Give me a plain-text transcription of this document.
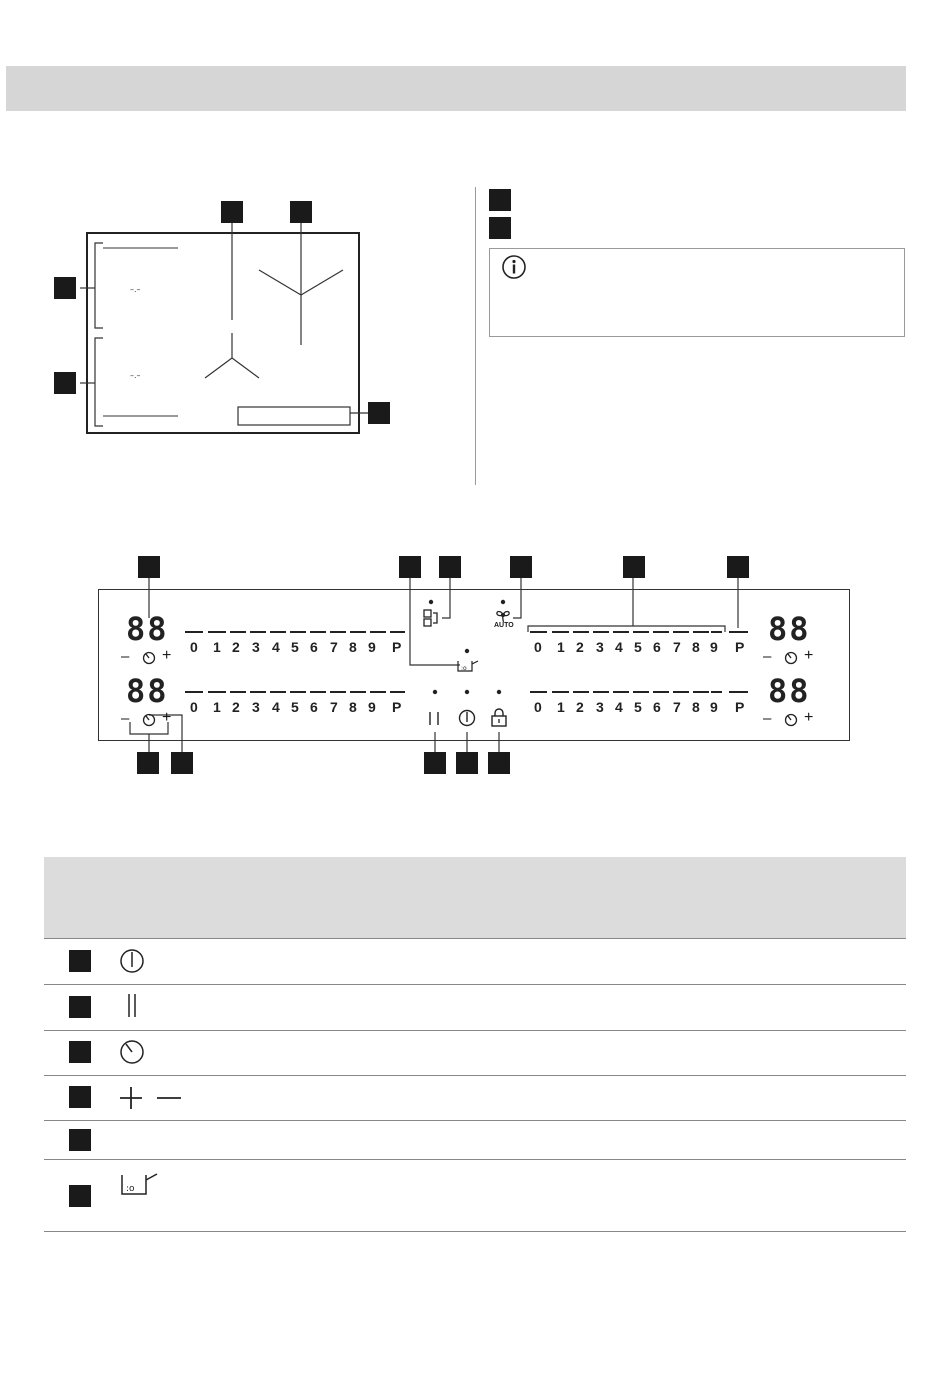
–.–
–.–
:o
88
88
88
88
– +
– +
– +
– +
AUTO
0 1 2 3 4 5 6 7 8 9 P
0 1 2 3 4 5 6 7 8 9 P
0 1 2 3 4 5 6 7 8 9 P
0 1 2 3 4 5 6 7 8 9 P
:o
